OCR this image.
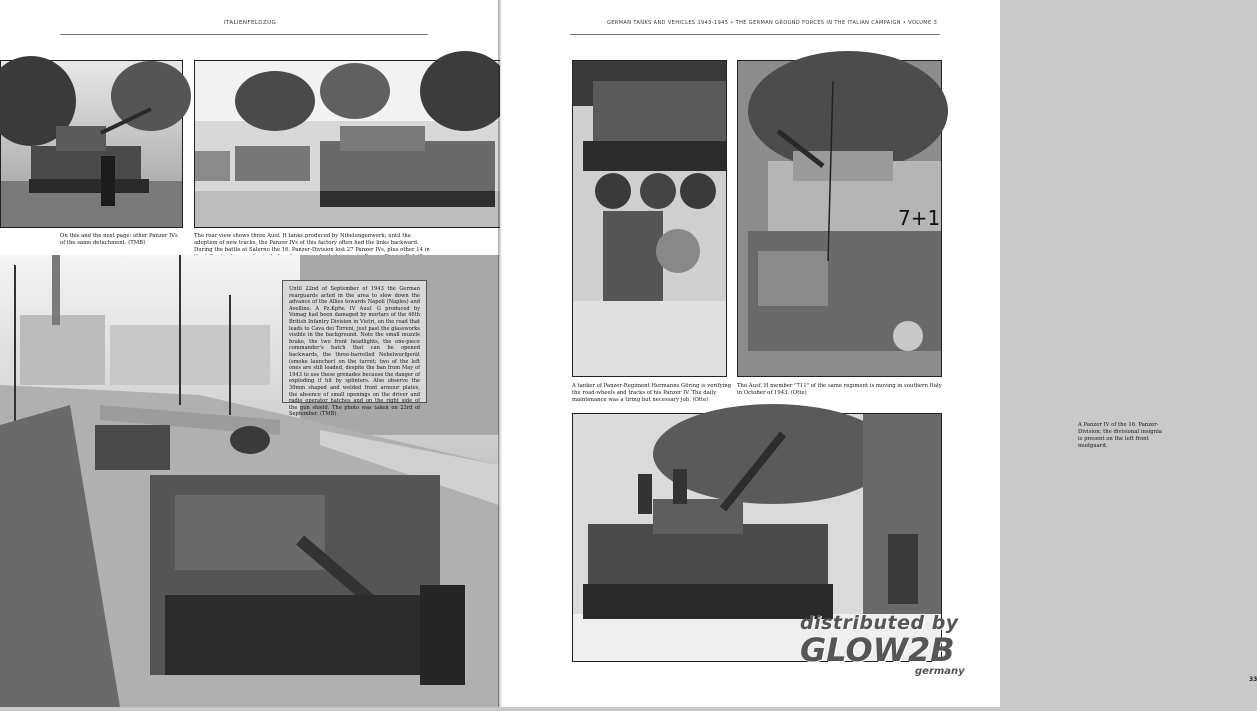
ITALIENFELDZUG
On this and the next page: other Panzer IVs of the same detachment. (TMB)
The rear view shows three Ausf. H tanks produced by Nibelungenwerk; until the adoption of new tracks, the Panzer IVs of this factory often had the links backward. During the battle at Salerno the 16. Panzer-Division lost 27 Panzer IVs, plus other 14 in
Until 22nd of September of 1943 the German rearguards acted in the area to slow down the advance of the Allies towards Napoli (Naples) and Avellino. A Pz.Kpfw. IV Ausf. G produced by Vomag had been damaged by mortars of the 46th British Infantry Division in Vietri, on the road that leads to Cava dei Tirreni, just past the glassworks visible in the background. Note the small muzzle brake, the two front headlights, the one-piece commander's hatch that can be opened backwards, the three-barrelled Nebelwurfgerät (smoke launcher) on the turret; two of the left ones are still loaded, despite the ban from May of 1943 to use these grenades because the danger of exploding if hit by splinters. Also observe the 30mm shaped and welded front armour plates, the absence of small openings on the driver and radio operator hatches and on the right side of the gun shield. The photo was taken on 23rd of September. (TMB)
GERMAN TANKS AND VEHICLES 1943-1945 • THE GERMAN GROUND FORCES IN THE ITALIAN CAMPAIGN • VOLUME 3
7+1
A tanker of Panzer-Regiment Hermanns Göring is verifying the road-wheels and tracks of his Panzer IV. The daily maintenance was a tiring but necessary job. (Otte)
The Ausf. H member "711" of the same regiment is moving in southern Italy in October of 1943. (Otte)
A Panzer IV of the 16. Panzer-Division; the divisional insignia is present on the left front mudguard.
33
distributed by
GLOW2B
germany
